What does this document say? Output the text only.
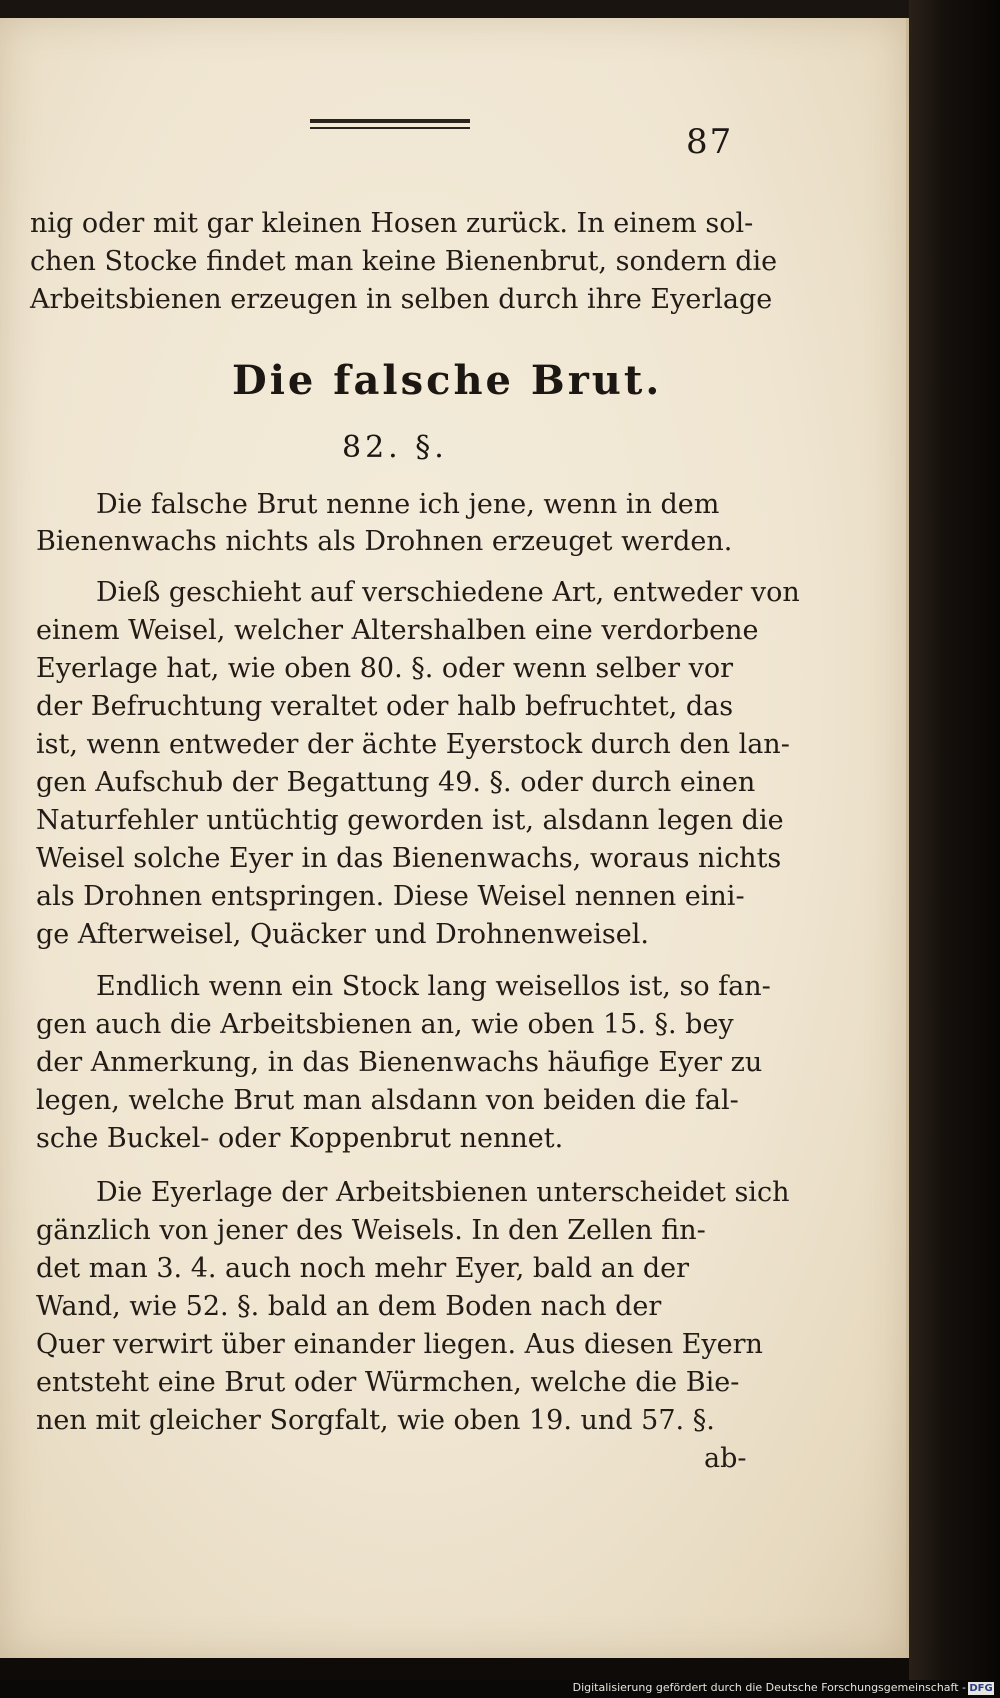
87
nig oder mit gar kleinen Hosen zurück. In einem sol-
chen Stocke findet man keine Bienenbrut, sondern die
Arbeitsbienen erzeugen in selben durch ihre Eyerlage
Die falsche Brut.
82. §.
Die falsche Brut nenne ich jene, wenn in dem
Bienenwachs nichts als Drohnen erzeuget werden.
Dieß geschieht auf verschiedene Art, entweder von
einem Weisel, welcher Altershalben eine verdorbene
Eyerlage hat, wie oben 80. §. oder wenn selber vor
der Befruchtung veraltet oder halb befruchtet, das
ist, wenn entweder der ächte Eyerstock durch den lan-
gen Aufschub der Begattung 49. §. oder durch einen
Naturfehler untüchtig geworden ist, alsdann legen die
Weisel solche Eyer in das Bienenwachs, woraus nichts
als Drohnen entspringen. Diese Weisel nennen eini-
ge Afterweisel, Quäcker und Drohnenweisel.
Endlich wenn ein Stock lang weisellos ist, so fan-
gen auch die Arbeitsbienen an, wie oben 15. §. bey
der Anmerkung, in das Bienenwachs häufige Eyer zu
legen, welche Brut man alsdann von beiden die fal-
sche Buckel- oder Koppenbrut nennet.
Die Eyerlage der Arbeitsbienen unterscheidet sich
gänzlich von jener des Weisels. In den Zellen fin-
det man 3. 4. auch noch mehr Eyer, bald an der
Wand, wie 52. §. bald an dem Boden nach der
Quer verwirt über einander liegen. Aus diesen Eyern
entsteht eine Brut oder Würmchen, welche die Bie-
nen mit gleicher Sorgfalt, wie oben 19. und 57. §.
ab-
Digitalisierung gefördert durch die Deutsche Forschungsgemeinschaft - DFG
